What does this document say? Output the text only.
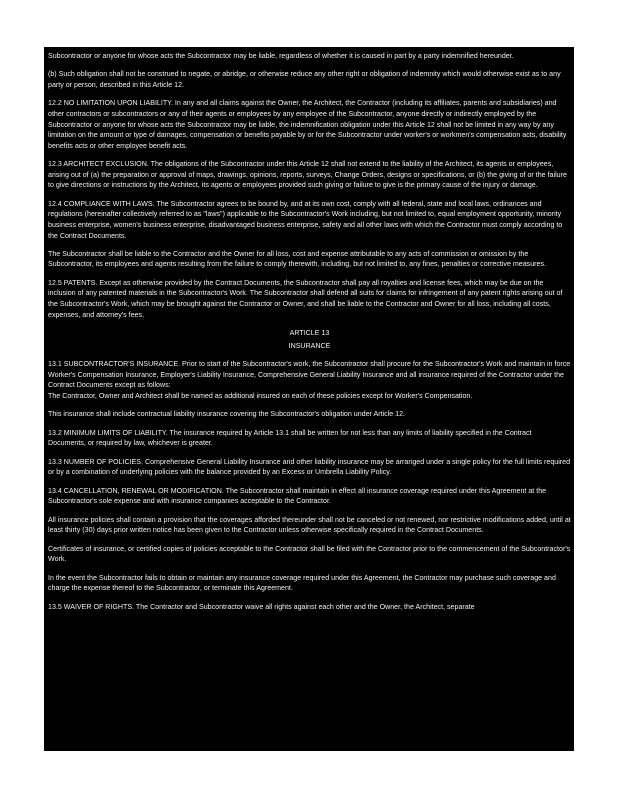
Subcontractor or anyone for whose acts the Subcontractor may be liable, regardless of whether it is caused in part by a party indemnified hereunder.

(b) Such obligation shall not be construed to negate, or abridge, or otherwise reduce any other right or obligation of indemnity which would otherwise exist as to any party or person, described in this Article 12.

12.2 NO LIMITATION UPON LIABILITY. In any and all claims against the Owner, the Architect, the Contractor (including its affiliates, parents and subsidiaries) and other contractors or subcontractors or any of their agents or employees by any employee of the Subcontractor, anyone directly or indirectly employed by the Subcontractor or anyone for whose acts the Subcontractor may be liable, the indemnification obligation under this Article 12 shall not be limited in any way by any limitation on the amount or type of damages, compensation or benefits payable by or for the Subcontractor under worker's or workmen's compensation acts, disability benefits acts or other employee benefit acts.

12.3 ARCHITECT EXCLUSION. The obligations of the Subcontractor under this Article 12 shall not extend to the liability of the Architect, its agents or employees, arising out of (a) the preparation or approval of maps, drawings, opinions, reports, surveys, Change Orders, designs or specifications, or (b) the giving of or the failure to give directions or instructions by the Architect, its agents or employees provided such giving or failure to give is the primary cause of the injury or damage.

12.4 COMPLIANCE WITH LAWS. The Subcontractor agrees to be bound by, and at its own cost, comply with all federal, state and local laws, ordinances and regulations (hereinafter collectively referred to as "laws") applicable to the Subcontractor's Work including, but not limited to, equal employment opportunity, minority business enterprise, women's business enterprise, disadvantaged business enterprise, safety and all other laws with which the Contractor must comply according to the Contract Documents.

The Subcontractor shall be liable to the Contractor and the Owner for all loss, cost and expense attributable to any acts of commission or omission by the Subcontractor, its employees and agents resulting from the failure to comply therewith, including, but not limited to, any fines, penalties or corrective measures.

12.5 PATENTS. Except as otherwise provided by the Contract Documents, the Subcontractor shall pay all royalties and license fees, which may be due on the inclusion of any patented materials in the Subcontractor's Work. The Subcontractor shall defend all suits for claims for infringement of any patent rights arising out of the Subcontractor's Work, which may be brought against the Contractor or Owner, and shall be liable to the Contractor and Owner for all loss, including all costs, expenses, and attorney's fees.

ARTICLE 13

INSURANCE

13.1 SUBCONTRACTOR'S INSURANCE. Prior to start of the Subcontractor's work, the Subcontractor shall procure for the Subcontractor's Work and maintain in force Worker's Compensation Insurance, Employer's Liability Insurance, Comprehensive General Liability Insurance and all insurance required of the Contractor under the Contract Documents except as follows:

The Contractor, Owner and Architect shall be named as additional insured on each of these policies except for Worker's Compensation.

This insurance shall include contractual liability insurance covering the Subcontractor's obligation under Article 12.

13.2 MINIMUM LIMITS OF LIABILITY. The insurance required by Article 13.1 shall be written for not less than any limits of liability specified in the Contract Documents, or required by law, whichever is greater.

13.3 NUMBER OF POLICIES. Comprehensive General Liability Insurance and other liability insurance may be arranged under a single policy for the full limits required or by a combination of underlying policies with the balance provided by an Excess or Umbrella Liability Policy.

13.4 CANCELLATION, RENEWAL OR MODIFICATION. The Subcontractor shall maintain in effect all insurance coverage required under this Agreement at the Subcontractor's sole expense and with insurance companies acceptable to the Contractor.

All insurance policies shall contain a provision that the coverages afforded thereunder shall not be canceled or not renewed, nor restrictive modifications added, until at least thirty (30) days prior written notice has been given to the Contractor unless otherwise specifically required in the Contract Documents.

Certificates of insurance, or certified copies of policies acceptable to the Contractor shall be filed with the Contractor prior to the commencement of the Subcontractor's Work.

In the event the Subcontractor fails to obtain or maintain any insurance coverage required under this Agreement, the Contractor may purchase such coverage and charge the expense thereof to the Subcontractor, or terminate this Agreement.

13.5 WAIVER OF RIGHTS. The Contractor and Subcontractor waive all rights against each other and the Owner, the Architect, separate
